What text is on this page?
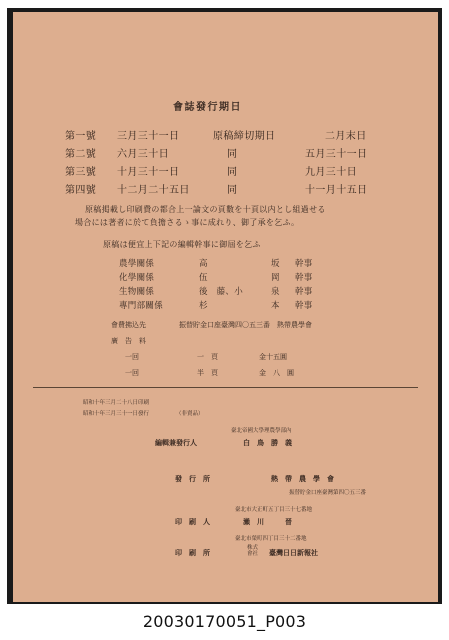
會誌發行期日
第一號 三月三十一日	原稿締切期日	二月末日
第二號 六月三十日	同	五月三十一日
第三號 十月三十一日	同	九月三十日
第四號 十二月二十五日	同	十一月十五日
原稿掲載し印刷費の都合上一論文の頁數を十頁以内とし組過せる
場合には著者に於て負擔さるゝ事に成れり、御了承を乞ふ。
原稿は便宜上下記の編輯幹事に御屆を乞ふ
農學關係	高	坂 幹事
化學關係	伍	岡 幹事
生物關係	後　藤、小	泉 幹事
專門部關係	杉	本 幹事
會費拂込先	振替貯金口座臺灣四〇五三番　熱帶農學會
廣　告　料
一回	一　頁	金十五圓
一回	半　頁	金　八　圓
昭和十年三月二十八日印刷
昭和十年三月三十一日發行	（非賣品）
臺北帝國大學理農學部內
編輯兼發行人	白　鳥　勝　義
發　行　所	熱　帶　農　學　會
振替貯金口座臺灣第四〇五三番
臺北市大正町五丁目三十七番地
印　刷　人	瀨　川　　　晉
臺北市榮町四丁目三十二番地
印　刷　所	株式
會社 臺灣日日新報社
20030170051_P003
